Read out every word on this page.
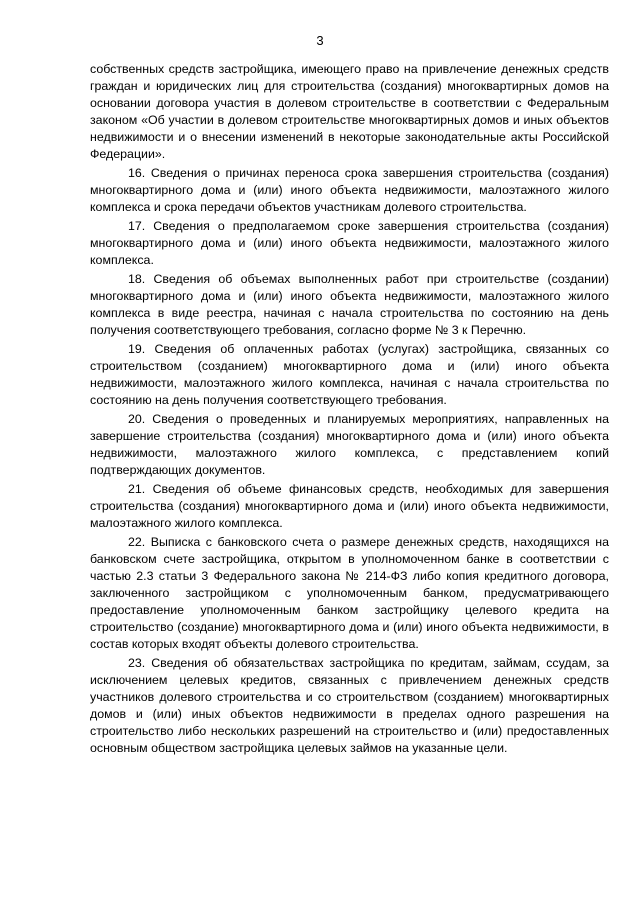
3

собственных средств застройщика, имеющего право на привлечение денежных средств граждан и юридических лиц для строительства (создания) многоквартирных домов на основании договора участия в долевом строительстве в соответствии с Федеральным законом «Об участии в долевом строительстве многоквартирных домов и иных объектов недвижимости и о внесении изменений в некоторые законодательные акты Российской Федерации».

16. Сведения о причинах переноса срока завершения строительства (создания) многоквартирного дома и (или) иного объекта недвижимости, малоэтажного жилого комплекса и срока передачи объектов участникам долевого строительства.

17. Сведения о предполагаемом сроке завершения строительства (создания) многоквартирного дома и (или) иного объекта недвижимости, малоэтажного жилого комплекса.

18. Сведения об объемах выполненных работ при строительстве (создании) многоквартирного дома и (или) иного объекта недвижимости, малоэтажного жилого комплекса в виде реестра, начиная с начала строительства по состоянию на день получения соответствующего требования, согласно форме № 3 к Перечню.

19. Сведения об оплаченных работах (услугах) застройщика, связанных со строительством (созданием) многоквартирного дома и (или) иного объекта недвижимости, малоэтажного жилого комплекса, начиная с начала строительства по состоянию на день получения соответствующего требования.

20. Сведения о проведенных и планируемых мероприятиях, направленных на завершение строительства (создания) многоквартирного дома и (или) иного объекта недвижимости, малоэтажного жилого комплекса, с представлением копий подтверждающих документов.

21. Сведения об объеме финансовых средств, необходимых для завершения строительства (создания) многоквартирного дома и (или) иного объекта недвижимости, малоэтажного жилого комплекса.

22. Выписка с банковского счета о размере денежных средств, находящихся на банковском счете застройщика, открытом в уполномоченном банке в соответствии с частью 2.3 статьи 3 Федерального закона № 214-ФЗ либо копия кредитного договора, заключенного застройщиком с уполномоченным банком, предусматривающего предоставление уполномоченным банком застройщику целевого кредита на строительство (создание) многоквартирного дома и (или) иного объекта недвижимости, в состав которых входят объекты долевого строительства.

23. Сведения об обязательствах застройщика по кредитам, займам, ссудам, за исключением целевых кредитов, связанных с привлечением денежных средств участников долевого строительства и со строительством (созданием) многоквартирных домов и (или) иных объектов недвижимости в пределах одного разрешения на строительство либо нескольких разрешений на строительство и (или) предоставленных основным обществом застройщика целевых займов на указанные цели.
